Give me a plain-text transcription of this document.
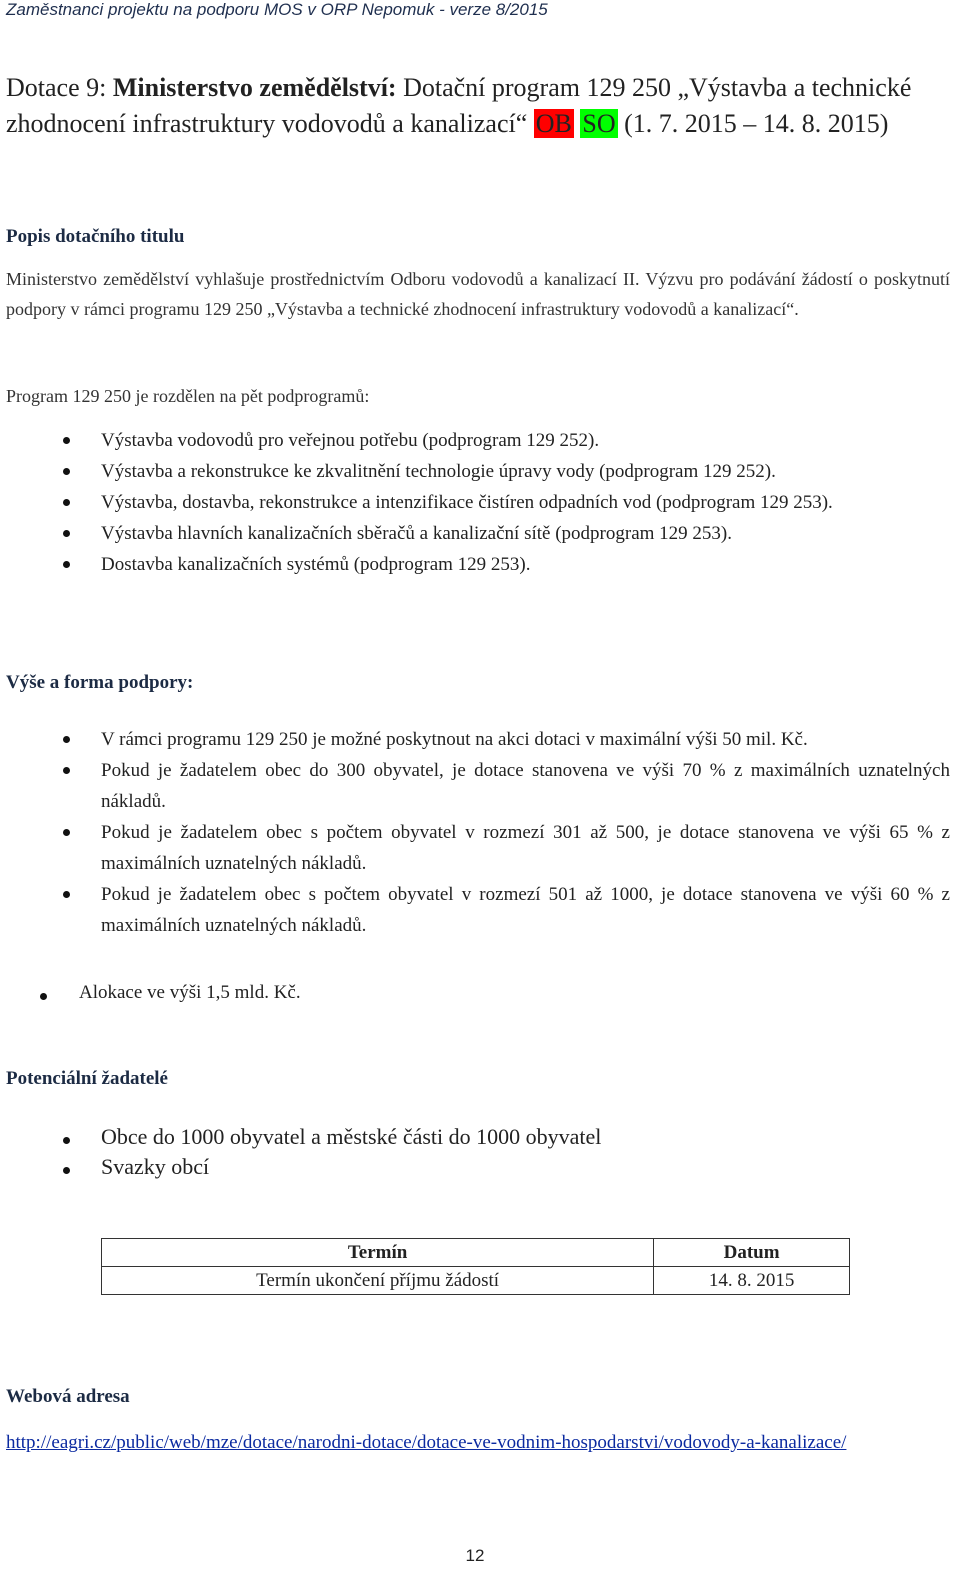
Zaměstnanci projektu na podporu MOS v ORP Nepomuk - verze 8/2015
Dotace 9: Ministerstvo zemědělství: Dotační program 129 250 „Výstavba a technické zhodnocení infrastruktury vodovodů a kanalizací“ OB SO (1. 7. 2015 – 14. 8. 2015)
Popis dotačního titulu
Ministerstvo zemědělství vyhlašuje prostřednictvím Odboru vodovodů a kanalizací II. Výzvu pro podávání žádostí o poskytnutí podpory v rámci programu 129 250 „Výstavba a technické zhodnocení infrastruktury vodovodů a kanalizací“.
Program 129 250 je rozdělen na pět podprogramů:
Výstavba vodovodů pro veřejnou potřebu (podprogram 129 252).
Výstavba a rekonstrukce ke zkvalitnění technologie úpravy vody (podprogram 129 252).
Výstavba, dostavba, rekonstrukce a intenzifikace čistíren odpadních vod (podprogram 129 253).
Výstavba hlavních kanalizačních sběračů a kanalizační sítě (podprogram 129 253).
Dostavba kanalizačních systémů (podprogram 129 253).
Výše a forma podpory:
V rámci programu 129 250 je možné poskytnout na akci dotaci v maximální výši 50 mil. Kč.
Pokud je žadatelem obec do 300 obyvatel, je dotace stanovena ve výši 70 % z maximálních uznatelných nákladů.
Pokud je žadatelem obec s počtem obyvatel v rozmezí 301 až 500, je dotace stanovena ve výši 65 % z maximálních uznatelných nákladů.
Pokud je žadatelem obec s počtem obyvatel v rozmezí 501 až 1000, je dotace stanovena ve výši 60 % z maximálních uznatelných nákladů.
Alokace ve výši 1,5 mld. Kč.
Potenciální žadatelé
Obce do 1000 obyvatel a městské části do 1000 obyvatel
Svazky obcí
Termín	Datum
Termín ukončení příjmu žádostí	14. 8. 2015
Webová adresa
http://eagri.cz/public/web/mze/dotace/narodni-dotace/dotace-ve-vodnim-hospodarstvi/vodovody-a-kanalizace/
12
